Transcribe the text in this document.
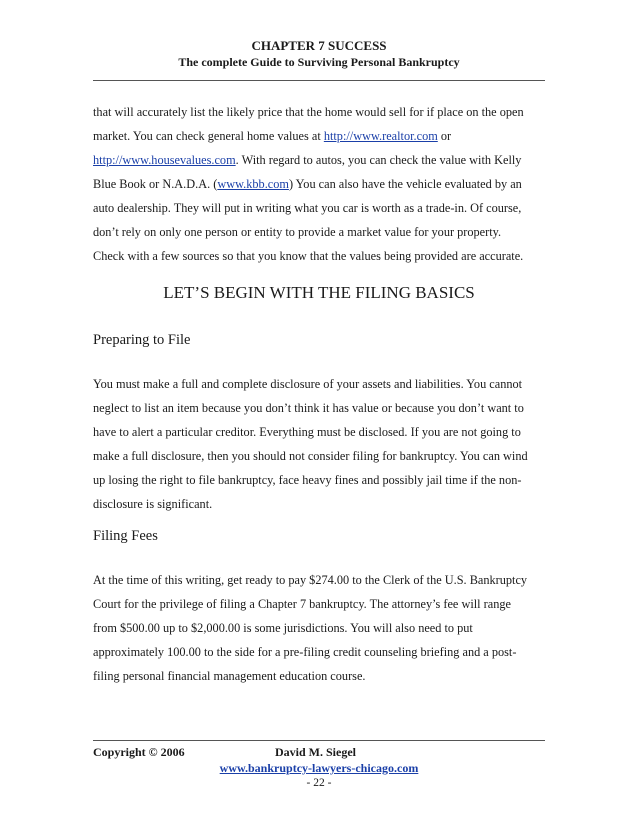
CHAPTER 7 SUCCESS
The complete Guide to Surviving Personal Bankruptcy
that will accurately list the likely price that the home would sell for if place on the open
market. You can check general home values at http://www.realtor.com or
http://www.housevalues.com. With regard to autos, you can check the value with Kelly
Blue Book or N.A.D.A. (www.kbb.com) You can also have the vehicle evaluated by an
auto dealership. They will put in writing what you car is worth as a trade-in. Of course,
don’t rely on only one person or entity to provide a market value for your property.
Check with a few sources so that you know that the values being provided are accurate.
LET’S BEGIN WITH THE FILING BASICS
Preparing to File
You must make a full and complete disclosure of your assets and liabilities. You cannot
neglect to list an item because you don’t think it has value or because you don’t want to
have to alert a particular creditor. Everything must be disclosed. If you are not going to
make a full disclosure, then you should not consider filing for bankruptcy. You can wind
up losing the right to file bankruptcy, face heavy fines and possibly jail time if the non-
disclosure is significant.
Filing Fees
At the time of this writing, get ready to pay $274.00 to the Clerk of the U.S. Bankruptcy
Court for the privilege of filing a Chapter 7 bankruptcy. The attorney’s fee will range
from $500.00 up to $2,000.00 is some jurisdictions. You will also need to put
approximately 100.00 to the side for a pre-filing credit counseling briefing and a post-
filing personal financial management education course.
Copyright © 2006	David M. Siegel
www.bankruptcy-lawyers-chicago.com
- 22 -
